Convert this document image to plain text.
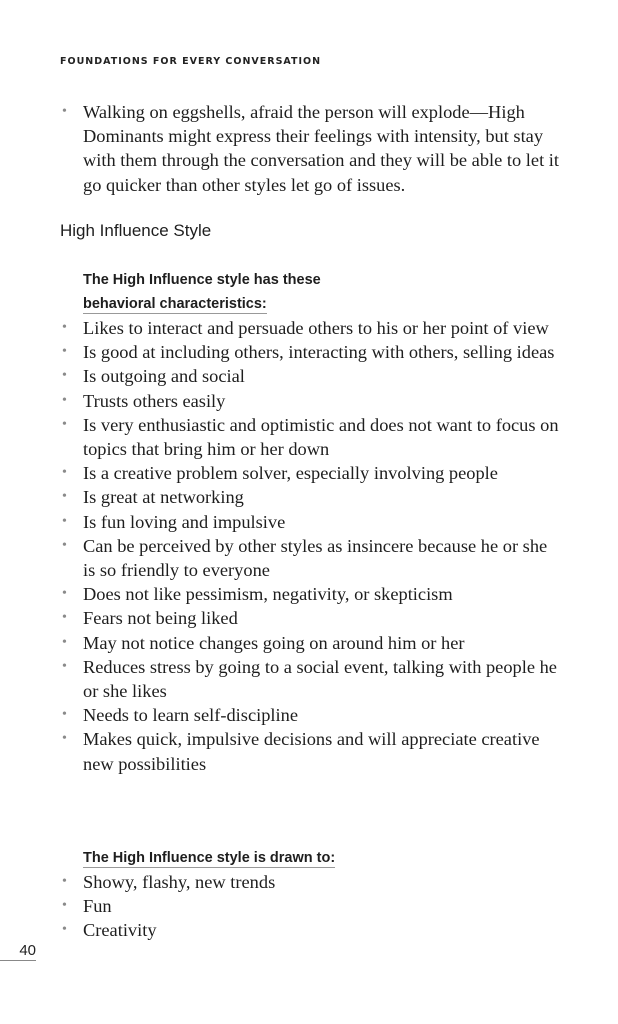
FOUNDATIONS FOR EVERY CONVERSATION
• Walking on eggshells, afraid the person will explode—High Dominants might express their feelings with intensity, but stay with them through the conversation and they will be able to let it go quicker than other styles let go of issues.
High Influence Style
The High Influence style has these
behavioral characteristics:
• Likes to interact and persuade others to his or her point of view
• Is good at including others, interacting with others, selling ideas
• Is outgoing and social
• Trusts others easily
• Is very enthusiastic and optimistic and does not want to focus on topics that bring him or her down
• Is a creative problem solver, especially involving people
• Is great at networking
• Is fun loving and impulsive
• Can be perceived by other styles as insincere because he or she is so friendly to everyone
• Does not like pessimism, negativity, or skepticism
• Fears not being liked
• May not notice changes going on around him or her
• Reduces stress by going to a social event, talking with people he or she likes
• Needs to learn self-discipline
• Makes quick, impulsive decisions and will appreciate creative new possibilities
The High Influence style is drawn to:
• Showy, flashy, new trends
• Fun
• Creativity
40
